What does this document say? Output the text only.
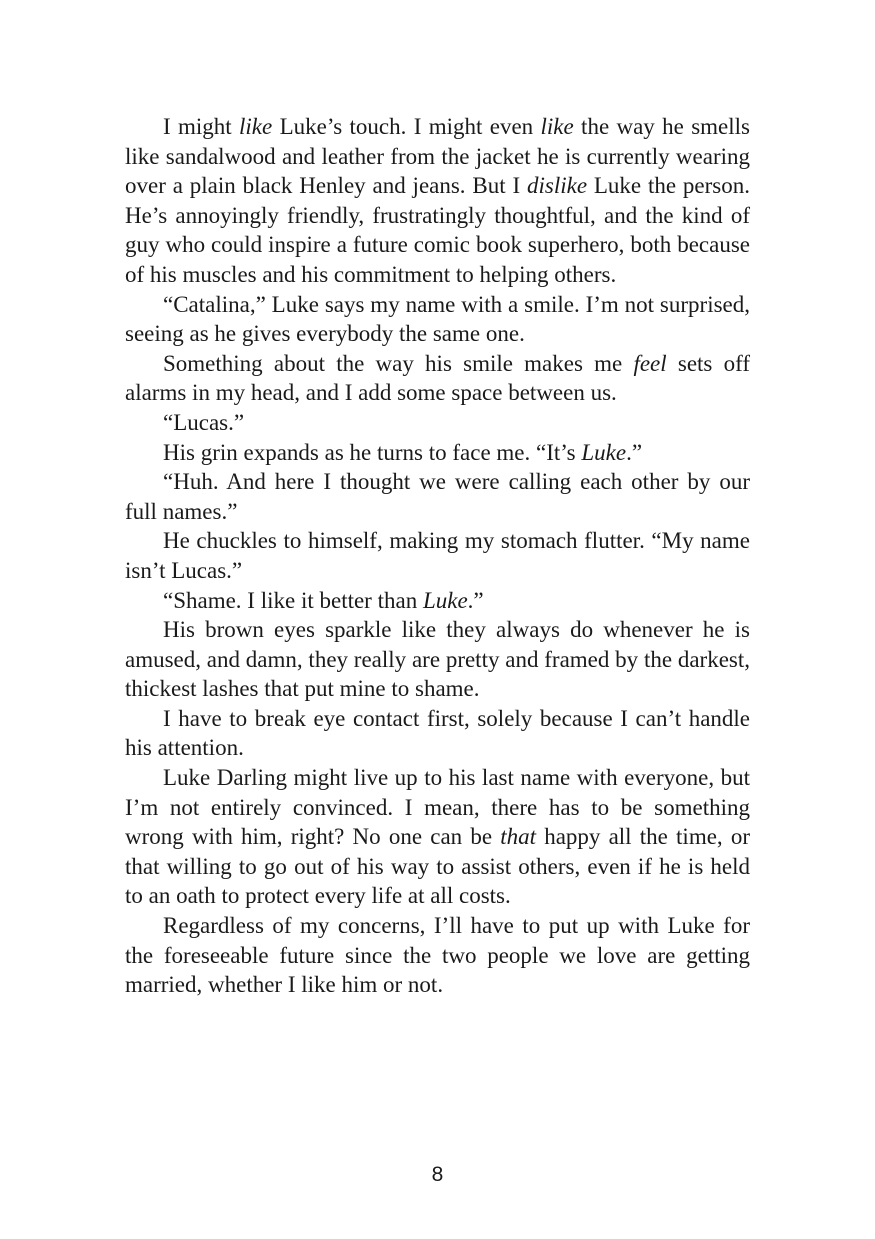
I might like Luke’s touch. I might even like the way he smells like sandalwood and leather from the jacket he is currently wearing over a plain black Henley and jeans. But I dislike Luke the person. He’s annoyingly friendly, frustratingly thoughtful, and the kind of guy who could inspire a future comic book superhero, both because of his muscles and his commitment to helping others.

“Catalina,” Luke says my name with a smile. I’m not surprised, seeing as he gives everybody the same one.

Something about the way his smile makes me feel sets off alarms in my head, and I add some space between us.

“Lucas.”

His grin expands as he turns to face me. “It’s Luke.”

“Huh. And here I thought we were calling each other by our full names.”

He chuckles to himself, making my stomach flutter. “My name isn’t Lucas.”

“Shame. I like it better than Luke.”

His brown eyes sparkle like they always do whenever he is amused, and damn, they really are pretty and framed by the darkest, thickest lashes that put mine to shame.

I have to break eye contact first, solely because I can’t handle his attention.

Luke Darling might live up to his last name with everyone, but I’m not entirely convinced. I mean, there has to be something wrong with him, right? No one can be that happy all the time, or that willing to go out of his way to assist others, even if he is held to an oath to protect every life at all costs.

Regardless of my concerns, I’ll have to put up with Luke for the foreseeable future since the two people we love are getting married, whether I like him or not.

8
